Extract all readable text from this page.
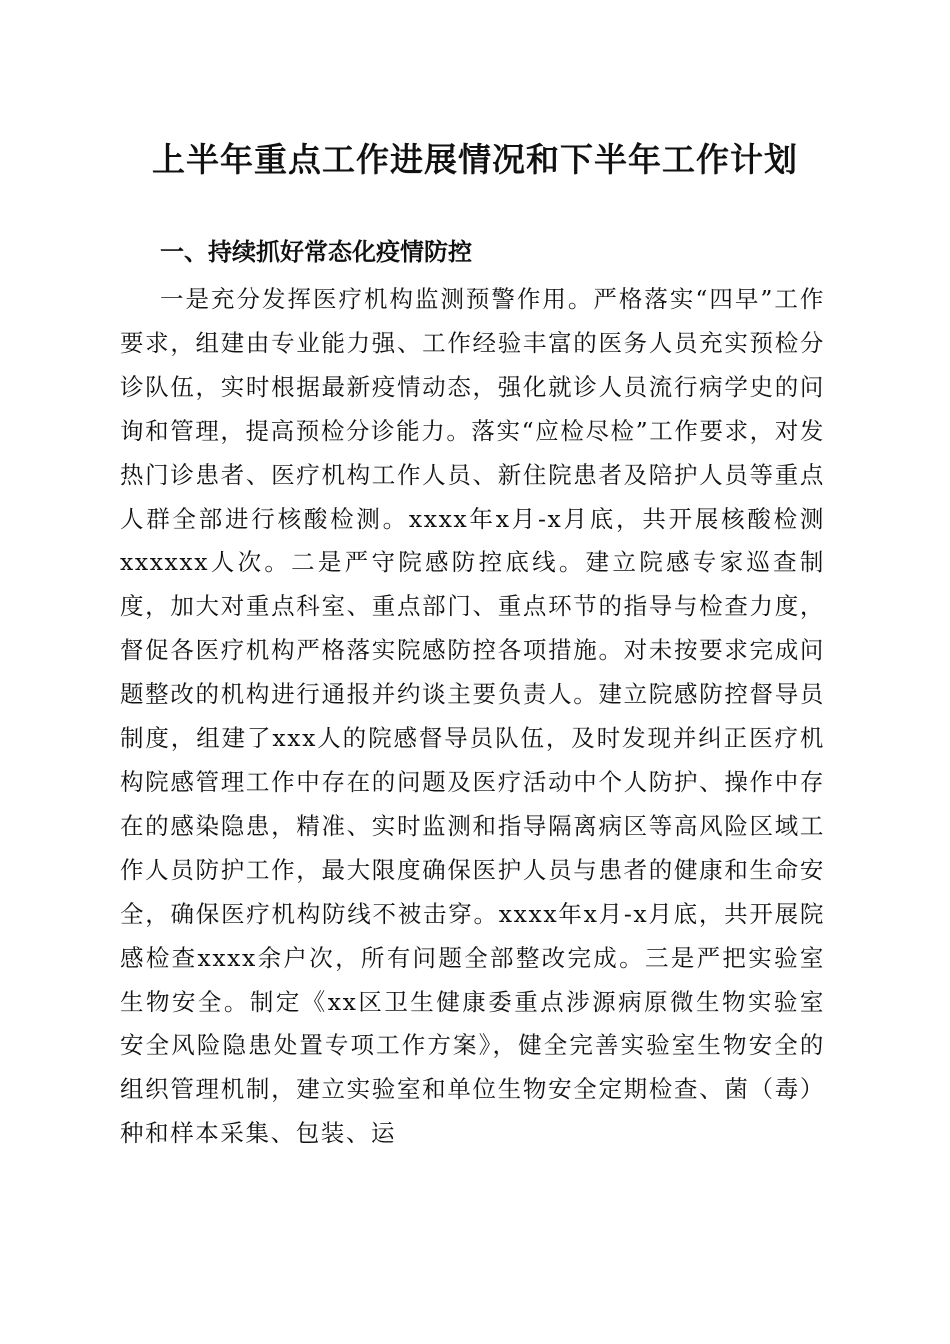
上半年重点工作进展情况和下半年工作计划
一、持续抓好常态化疫情防控

一是充分发挥医疗机构监测预警作用。严格落实“四早”工作要求，组建由专业能力强、工作经验丰富的医务人员充实预检分诊队伍，实时根据最新疫情动态，强化就诊人员流行病学史的问询和管理，提高预检分诊能力。落实“应检尽检”工作要求，对发热门诊患者、医疗机构工作人员、新住院患者及陪护人员等重点人群全部进行核酸检测。xxxx年x月-x月底，共开展核酸检测xxxxxx人次。二是严守院感防控底线。建立院感专家巡查制度，加大对重点科室、重点部门、重点环节的指导与检查力度，督促各医疗机构严格落实院感防控各项措施。对未按要求完成问题整改的机构进行通报并约谈主要负责人。建立院感防控督导员制度，组建了xxx人的院感督导员队伍，及时发现并纠正医疗机构院感管理工作中存在的问题及医疗活动中个人防护、操作中存在的感染隐患，精准、实时监测和指导隔离病区等高风险区域工作人员防护工作，最大限度确保医护人员与患者的健康和生命安全，确保医疗机构防线不被击穿。xxxx年x月-x月底，共开展院感检查xxxx余户次，所有问题全部整改完成。三是严把实验室生物安全。制定《xx区卫生健康委重点涉源病原微生物实验室安全风险隐患处置专项工作方案》，健全完善实验室生物安全的组织管理机制，建立实验室和单位生物安全定期检查、菌（毒）种和样本采集、包装、运
